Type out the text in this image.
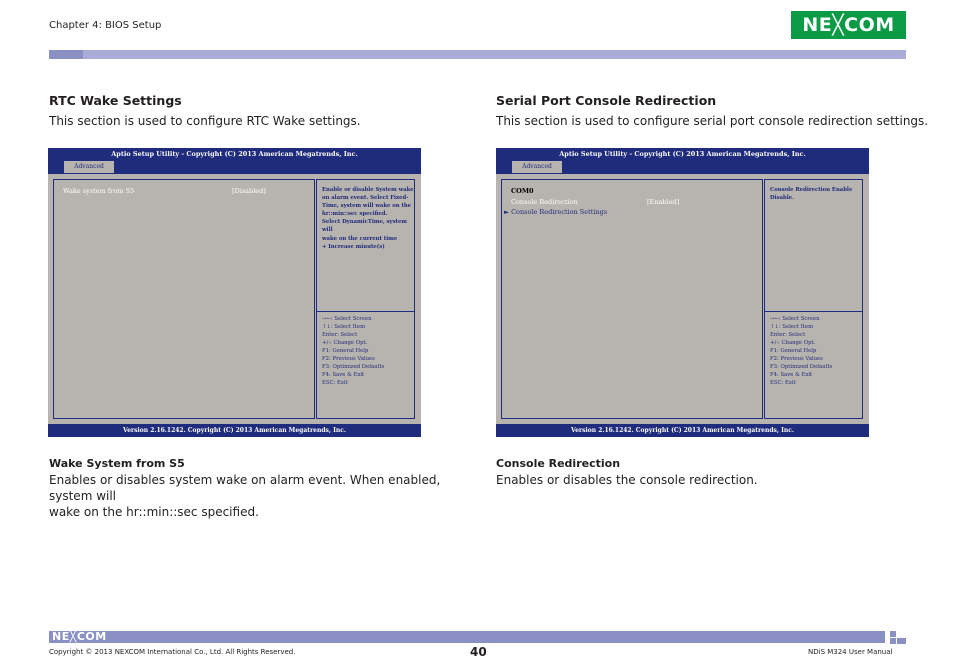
Chapter 4: BIOS Setup	NE╳COM
RTC Wake Settings
This section is used to configure RTC Wake settings.
Aptio Setup Utility - Copyright (C) 2013 American Megatrends, Inc.
Advanced
Wake system from S5	[Disabled]	Enable or disable System wake
on alarm event. Select Fixed-
Time, system will wake on the
hr::min::sec specified.
Select DynamicTime, system will
wake on the current time
+ Increase minute(s)
→←: Select Screen
↑↓: Select Item
Enter: Select
+/-: Change Opt.
F1: General Help
F2: Previous Values
F3: Optimized Defaults
F4: Save & Exit
ESC: Exit
Version 2.16.1242. Copyright (C) 2013 American Megatrends, Inc.
Wake System from S5
Enables or disables system wake on alarm event. When enabled, system will
wake on the hr::min::sec specified.
Serial Port Console Redirection
This section is used to configure serial port console redirection settings.
Aptio Setup Utility - Copyright (C) 2013 American Megatrends, Inc.
Advanced
COM0
Console Redirection	[Enabled]
► Console Redirection Settings
Console Redirection Enable
Disable.
→←: Select Screen
↑↓: Select Item
Enter: Select
+/-: Change Opt.
F1: General Help
F2: Previous Values
F3: Optimized Defaults
F4: Save & Exit
ESC: Exit
Version 2.16.1242. Copyright (C) 2013 American Megatrends, Inc.
Console Redirection
Enables or disables the console redirection.
NE╳COM
Copyright © 2013 NEXCOM International Co., Ltd. All Rights Reserved.	40	NDiS M324 User Manual
